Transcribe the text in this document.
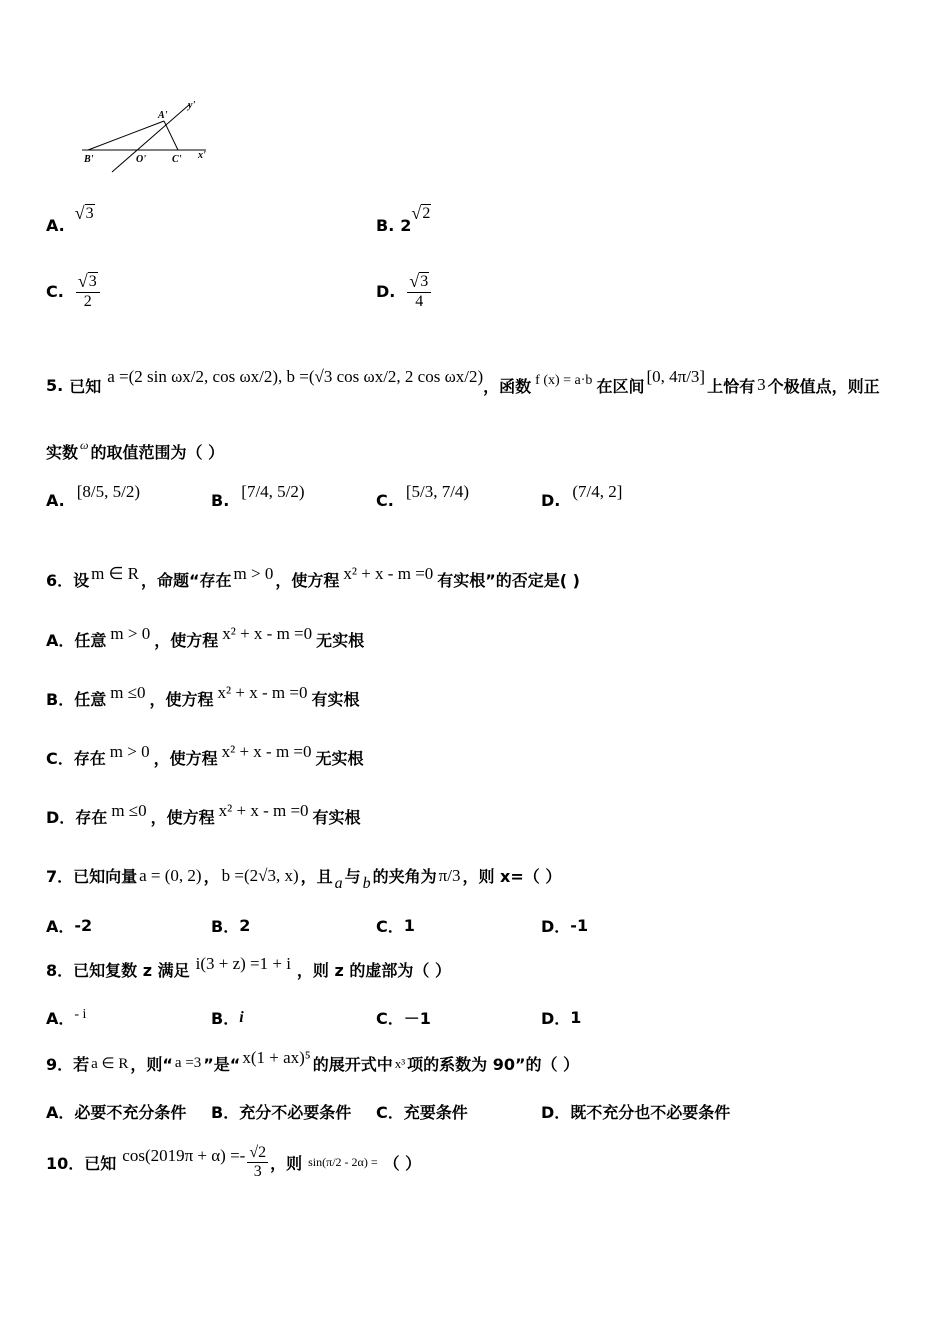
A'
y'
B'	O'	C' x'
A.
√ 3
B. 2
√ 2
C. $\frac{√ 3}{2}$	D. $\frac{√ 3}{4}$
5. 已知 a =(2 sin ωx/2, cos ωx/2), b =(√3 cos ωx/2, 2 cos ωx/2) ，函数 f (x) = a·b 在区间 [0, 4π/3] 上恰有 3 个极值点，则正
实数 ω 的取值范围为（ ）
A. [8/5, 5/2)	B. [7/4, 5/2)	C. [5/3, 7/4)	D. (7/4, 2]
6．设 m ∈ R ，命题“存在 m > 0 ，使方程 x² + x - m =0 有实根”的否定是( )
A． 任意 m > 0 ，使方程 x² + x - m =0 无实根
B． 任意 m ≤0 ，使方程 x² + x - m =0 有实根
C． 存在 m > 0 ，使方程 x² + x - m =0 无实根
D． 存在 m ≤0 ，使方程 x² + x - m =0 有实根
7．已知向量 a = (0, 2) ， b =(2√3, x) ，且 a 与 b 的夹角为 π/3 ，则 x=（ ）
A． -2	B． 2	C． 1	D． -1
8．已知复数 z 满足 i(3 + z) =1 + i ，则 z 的虚部为（ ）
A． - i	B． i	C． －1	D． 1
9．若 a ∈ R ，则“ a =3 ”是“ x(1 + ax)⁵ 的展开式中 x³ 项的系数为 90”的（ ）
A． 必要不充分条件 B． 充分不必要条件 C． 充要条件	D． 既不充分也不必要条件
10．已知 $\cos(2019\pi + \alpha) =- \frac{√2}{3}$ ，则 sin(π/2 - 2α) = （ ）
